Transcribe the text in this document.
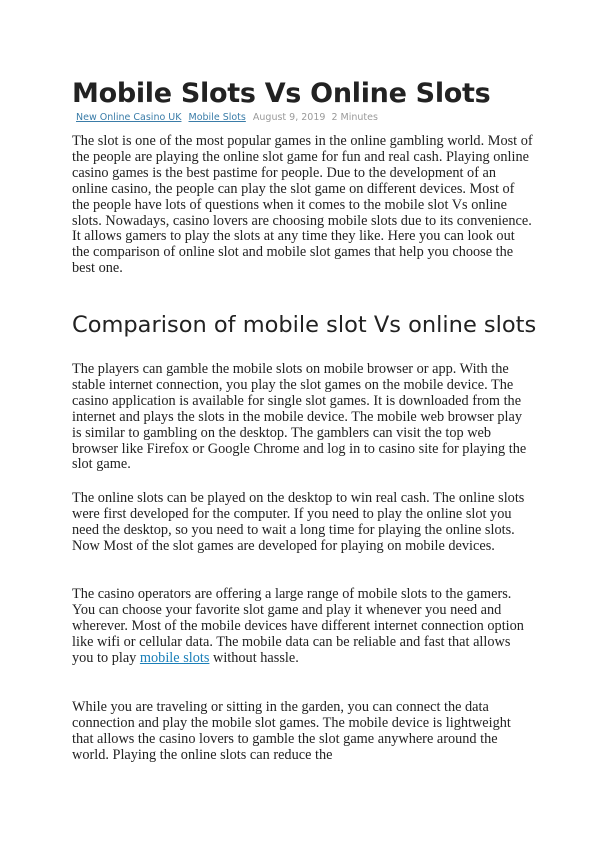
Mobile Slots Vs Online Slots
New Online Casino UK Mobile Slots August 9, 2019 2 Minutes

The slot is one of the most popular games in the online gambling world. Most of the people are playing the online slot game for fun and real cash. Playing online casino games is the best pastime for people. Due to the development of an online casino, the people can play the slot game on different devices. Most of the people have lots of questions when it comes to the mobile slot Vs online slots. Nowadays, casino lovers are choosing mobile slots due to its convenience. It allows gamers to play the slots at any time they like. Here you can look out the comparison of online slot and mobile slot games that help you choose the best one.

Comparison of mobile slot Vs online slots

The players can gamble the mobile slots on mobile browser or app. With the stable internet connection, you play the slot games on the mobile device. The casino application is available for single slot games. It is downloaded from the internet and plays the slots in the mobile device. The mobile web browser play is similar to gambling on the desktop. The gamblers can visit the top web browser like Firefox or Google Chrome and log in to casino site for playing the slot game.

The online slots can be played on the desktop to win real cash. The online slots were first developed for the computer. If you need to play the online slot you need the desktop, so you need to wait a long time for playing the online slots. Now Most of the slot games are developed for playing on mobile devices.

The casino operators are offering a large range of mobile slots to the gamers. You can choose your favorite slot game and play it whenever you need and wherever. Most of the mobile devices have different internet connection option like wifi or cellular data. The mobile data can be reliable and fast that allows you to play mobile slots without hassle.

While you are traveling or sitting in the garden, you can connect the data connection and play the mobile slot games. The mobile device is lightweight that allows the casino lovers to gamble the slot game anywhere around the world. Playing the online slots can reduce the
